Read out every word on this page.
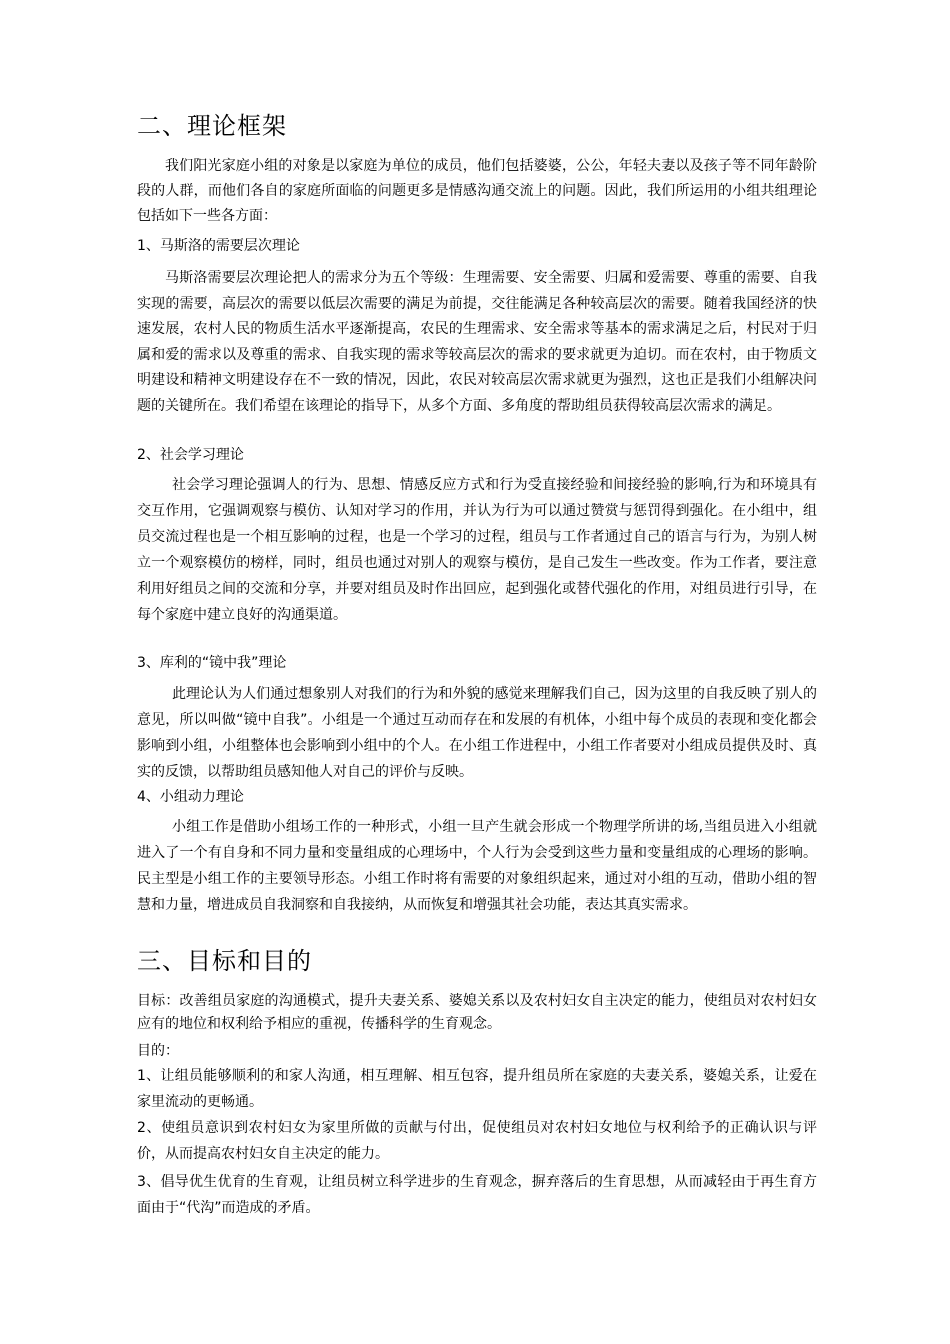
二、理论框架
我们阳光家庭小组的对象是以家庭为单位的成员，他们包括婆婆，公公，年轻夫妻以及孩子等不同年龄阶段的人群，而他们各自的家庭所面临的问题更多是情感沟通交流上的问题。因此，我们所运用的小组共组理论包括如下一些各方面：
1、马斯洛的需要层次理论
马斯洛需要层次理论把人的需求分为五个等级：生理需要、安全需要、归属和爱需要、尊重的需要、自我实现的需要，高层次的需要以低层次需要的满足为前提，交往能满足各种较高层次的需要。随着我国经济的快速发展，农村人民的物质生活水平逐渐提高，农民的生理需求、安全需求等基本的需求满足之后，村民对于归属和爱的需求以及尊重的需求、自我实现的需求等较高层次的需求的要求就更为迫切。而在农村，由于物质文明建设和精神文明建设存在不一致的情况，因此，农民对较高层次需求就更为强烈，这也正是我们小组解决问题的关键所在。我们希望在该理论的指导下，从多个方面、多角度的帮助组员获得较高层次需求的满足。
2、社会学习理论
社会学习理论强调人的行为、思想、情感反应方式和行为受直接经验和间接经验的影响,行为和环境具有交互作用，它强调观察与模仿、认知对学习的作用，并认为行为可以通过赞赏与惩罚得到强化。在小组中，组员交流过程也是一个相互影响的过程，也是一个学习的过程，组员与工作者通过自己的语言与行为，为别人树立一个观察模仿的榜样，同时，组员也通过对别人的观察与模仿，是自己发生一些改变。作为工作者，要注意利用好组员之间的交流和分享，并要对组员及时作出回应，起到强化或替代强化的作用，对组员进行引导，在每个家庭中建立良好的沟通渠道。
3、库利的“镜中我”理论
此理论认为人们通过想象别人对我们的行为和外貌的感觉来理解我们自己，因为这里的自我反映了别人的意见，所以叫做“镜中自我”。小组是一个通过互动而存在和发展的有机体，小组中每个成员的表现和变化都会影响到小组，小组整体也会影响到小组中的个人。在小组工作进程中，小组工作者要对小组成员提供及时、真实的反馈，以帮助组员感知他人对自己的评价与反映。
4、小组动力理论
小组工作是借助小组场工作的一种形式，小组一旦产生就会形成一个物理学所讲的场,当组员进入小组就进入了一个有自身和不同力量和变量组成的心理场中，个人行为会受到这些力量和变量组成的心理场的影响。民主型是小组工作的主要领导形态。小组工作时将有需要的对象组织起来，通过对小组的互动，借助小组的智慧和力量，增进成员自我洞察和自我接纳，从而恢复和增强其社会功能，表达其真实需求。
三、目标和目的
目标：改善组员家庭的沟通模式，提升夫妻关系、婆媳关系以及农村妇女自主决定的能力，使组员对农村妇女应有的地位和权利给予相应的重视，传播科学的生育观念。
目的：
1、让组员能够顺利的和家人沟通，相互理解、相互包容，提升组员所在家庭的夫妻关系，婆媳关系，让爱在家里流动的更畅通。
2、使组员意识到农村妇女为家里所做的贡献与付出，促使组员对农村妇女地位与权利给予的正确认识与评价，从而提高农村妇女自主决定的能力。
3、倡导优生优育的生育观，让组员树立科学进步的生育观念，摒弃落后的生育思想，从而减轻由于再生育方面由于“代沟”而造成的矛盾。
